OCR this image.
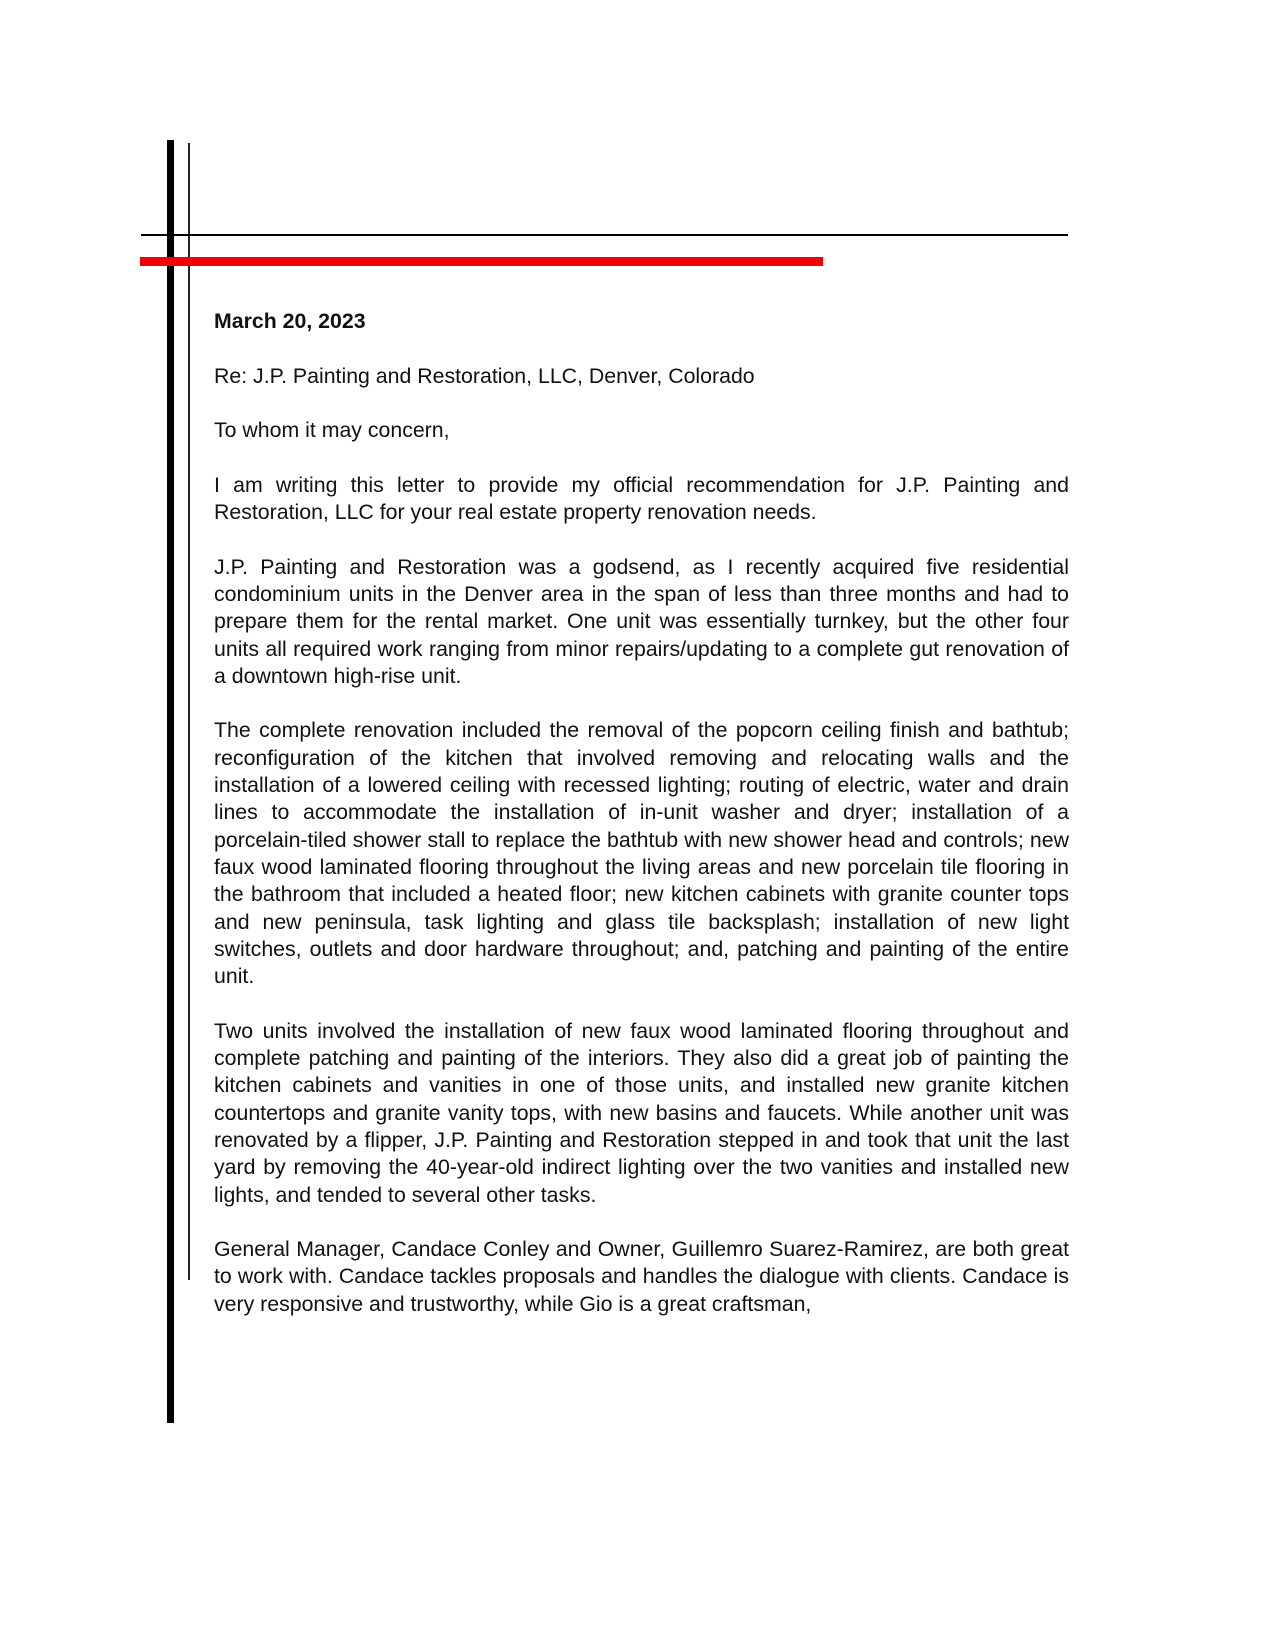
March 20, 2023

Re: J.P. Painting and Restoration, LLC, Denver, Colorado

To whom it may concern,

I am writing this letter to provide my official recommendation for J.P. Painting and Restoration, LLC for your real estate property renovation needs.

J.P. Painting and Restoration was a godsend, as I recently acquired five residential condominium units in the Denver area in the span of less than three months and had to prepare them for the rental market. One unit was essentially turnkey, but the other four units all required work ranging from minor repairs/updating to a complete gut renovation of a downtown high-rise unit.

The complete renovation included the removal of the popcorn ceiling finish and bathtub; reconfiguration of the kitchen that involved removing and relocating walls and the installation of a lowered ceiling with recessed lighting; routing of electric, water and drain lines to accommodate the installation of in-unit washer and dryer; installation of a porcelain-tiled shower stall to replace the bathtub with new shower head and controls; new faux wood laminated flooring throughout the living areas and new porcelain tile flooring in the bathroom that included a heated floor; new kitchen cabinets with granite counter tops and new peninsula, task lighting and glass tile backsplash; installation of new light switches, outlets and door hardware throughout; and, patching and painting of the entire unit.

Two units involved the installation of new faux wood laminated flooring throughout and complete patching and painting of the interiors. They also did a great job of painting the kitchen cabinets and vanities in one of those units, and installed new granite kitchen countertops and granite vanity tops, with new basins and faucets. While another unit was renovated by a flipper, J.P. Painting and Restoration stepped in and took that unit the last yard by removing the 40-year-old indirect lighting over the two vanities and installed new lights, and tended to several other tasks.

General Manager, Candace Conley and Owner, Guillemro Suarez-Ramirez, are both great to work with. Candace tackles proposals and handles the dialogue with clients. Candace is very responsive and trustworthy, while Gio is a great craftsman,
